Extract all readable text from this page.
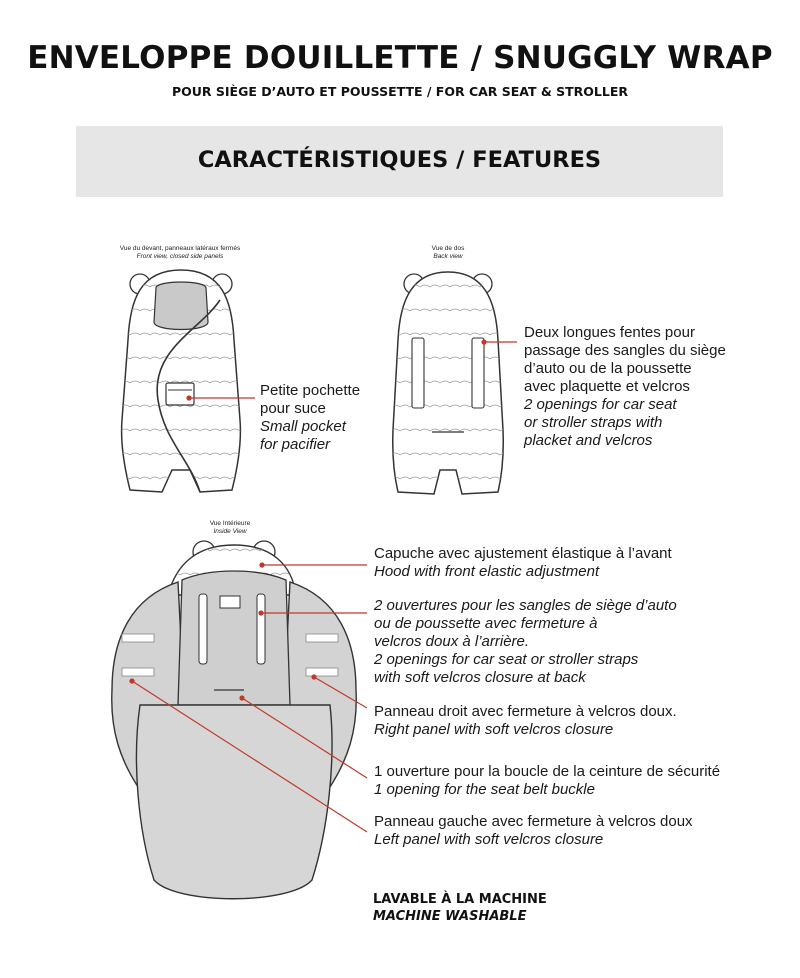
ENVELOPPE DOUILLETTE / SNUGGLY WRAP
POUR SIÈGE D’AUTO ET POUSSETTE / FOR CAR SEAT & STROLLER
CARACTÉRISTIQUES / FEATURES
Vue du devant, panneaux latéraux fermés
Front view, closed side panels
Vue de dos
Back view
Vue Intérieure
Inside View
Petite pochette
pour suce
Small pocket
for pacifier
Deux longues fentes pour
passage des sangles du siège
d’auto ou de la poussette
avec plaquette et velcros
2 openings for car seat
or stroller straps with
placket and velcros
Capuche avec ajustement élastique à l’avant
Hood with front elastic adjustment
2 ouvertures pour les sangles de siège d’auto
ou de poussette avec fermeture à
velcros doux à l’arrière.
2 openings for car seat or stroller straps
with soft velcros closure at back
Panneau droit avec fermeture à velcros doux.
Right panel with soft velcros closure
1 ouverture pour la boucle de la ceinture de sécurité
1 opening for the seat belt buckle
Panneau gauche avec fermeture à velcros doux
Left panel with soft velcros closure
LAVABLE À LA MACHINE
MACHINE WASHABLE
